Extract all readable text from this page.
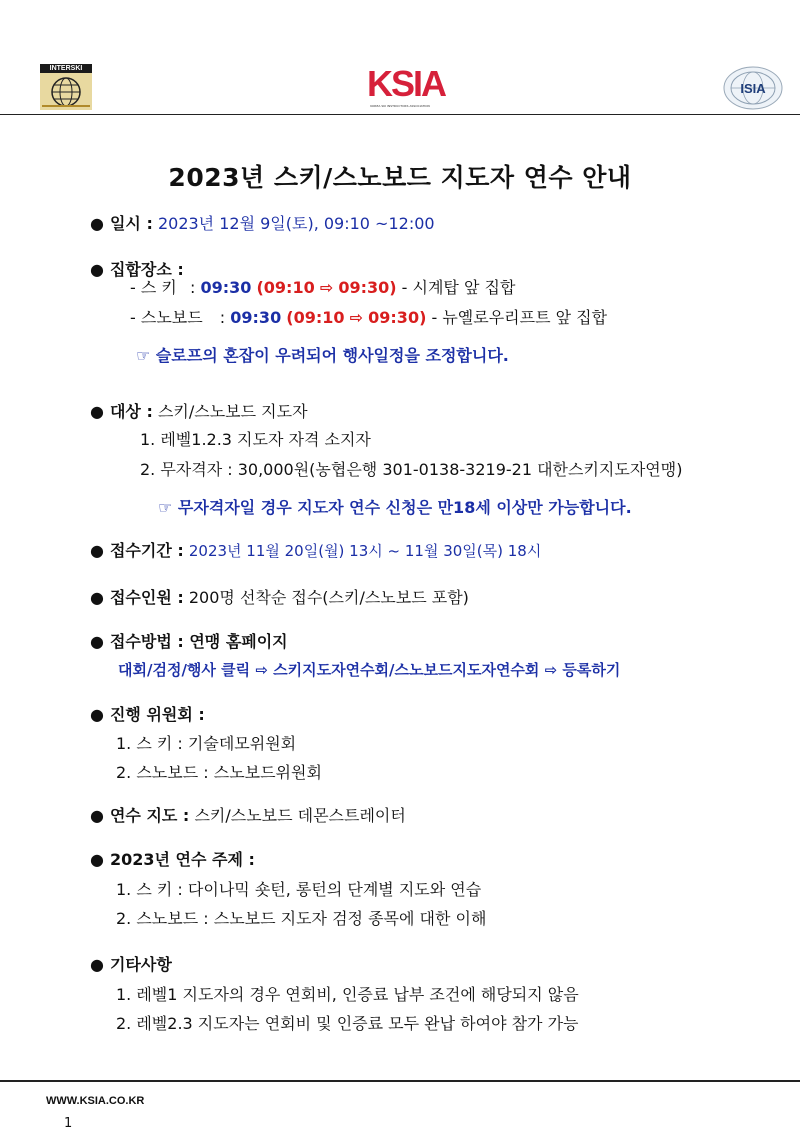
INTERSKI	KSIA
KOREA SKI INSTRUCTORS ASSOCIATION
ISIA
2023년 스키/스노보드 지도자 연수 안내
● 일시 : 2023년 12월 9일(토), 09:10 ~12:00
● 집합장소 :
- 스 키 : 09:30 (09:10 ⇨ 09:30) - 시계탑 앞 집합
- 스노보드 : 09:30 (09:10 ⇨ 09:30) - 뉴옐로우리프트 앞 집합
☞ 슬로프의 혼잡이 우려되어 행사일정을 조정합니다.
● 대상 : 스키/스노보드 지도자
1. 레벨1.2.3 지도자 자격 소지자
2. 무자격자 : 30,000원(농협은행 301-0138-3219-21 대한스키지도자연맹)
☞ 무자격자일 경우 지도자 연수 신청은 만18세 이상만 가능합니다.
● 접수기간 : 2023년 11월 20일(월) 13시 ~ 11월 30일(목) 18시
● 접수인원 : 200명 선착순 접수(스키/스노보드 포함)
● 접수방법 : 연맹 홈페이지
대회/검정/행사 클릭 ⇨ 스키지도자연수회/스노보드지도자연수회 ⇨ 등록하기
● 진행 위원회 :
1. 스 키 : 기술데모위원회
2. 스노보드 : 스노보드위원회
● 연수 지도 : 스키/스노보드 데몬스트레이터
● 2023년 연수 주제 :
1. 스 키 : 다이나믹 숏턴, 롱턴의 단계별 지도와 연습
2. 스노보드 : 스노보드 지도자 검정 종목에 대한 이해
● 기타사항
1. 레벨1 지도자의 경우 연회비, 인증료 납부 조건에 해당되지 않음
2. 레벨2.3 지도자는 연회비 및 인증료 모두 완납 하여야 참가 가능
WWW.KSIA.CO.KR
1
